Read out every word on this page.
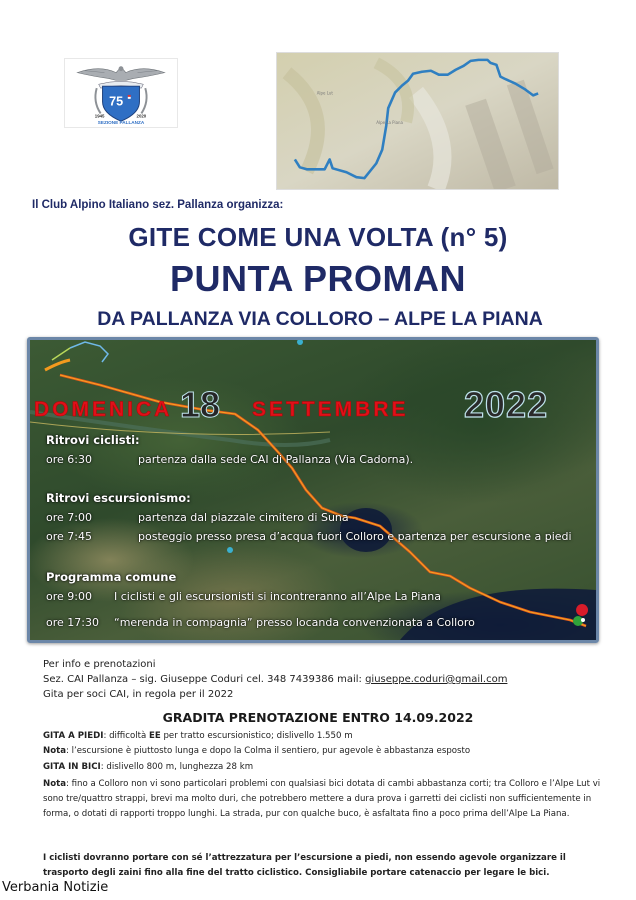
75
1945	2020
SEZIONE PALLANZA	Alpe La Piana
Alpe Lut
Il Club Alpino Italiano sez. Pallanza organizza:
GITE COME UNA VOLTA (n° 5)
PUNTA PROMAN
DA PALLANZA VIA COLLORO – ALPE LA PIANA
DOMENICA 18 SETTEMBRE 2022
Ritrovi ciclisti:
ore 6:30	partenza dalla sede CAI di Pallanza (Via Cadorna).
Ritrovi escursionismo:
ore 7:00	partenza dal piazzale cimitero di Suna
ore 7:45	posteggio presso presa d’acqua fuori Colloro e partenza per escursione a piedi
Programma comune
ore 9:00 I ciclisti e gli escursionisti si incontreranno all’Alpe La Piana
ore 17:30 “merenda in compagnia” presso locanda convenzionata a Colloro
Per info e prenotazioni
Sez. CAI Pallanza – sig. Giuseppe Coduri cel. 348 7439386 mail: giuseppe.coduri@gmail.com
Gita per soci CAI, in regola per il 2022
GRADITA PRENOTAZIONE ENTRO 14.09.2022
GITA A PIEDI: difficoltà EE per tratto escursionistico; dislivello 1.550 m
Nota: l’escursione è piuttosto lunga e dopo la Colma il sentiero, pur agevole è abbastanza esposto
GITA IN BICI: dislivello 800 m, lunghezza 28 km
Nota: fino a Colloro non vi sono particolari problemi con qualsiasi bici dotata di cambi abbastanza corti; tra Colloro e l’Alpe Lut vi sono tre/quattro strappi, brevi ma molto duri, che potrebbero mettere a dura prova i garretti dei ciclisti non sufficientemente in forma, o dotati di rapporti troppo lunghi. La strada, pur con qualche buco, è asfaltata fino a poco prima dell’Alpe La Piana.
I ciclisti dovranno portare con sé l’attrezzatura per l’escursione a piedi, non essendo agevole organizzare il trasporto degli zaini fino alla fine del tratto ciclistico. Consigliabile portare catenaccio per legare le bici.
Verbania Notizie
